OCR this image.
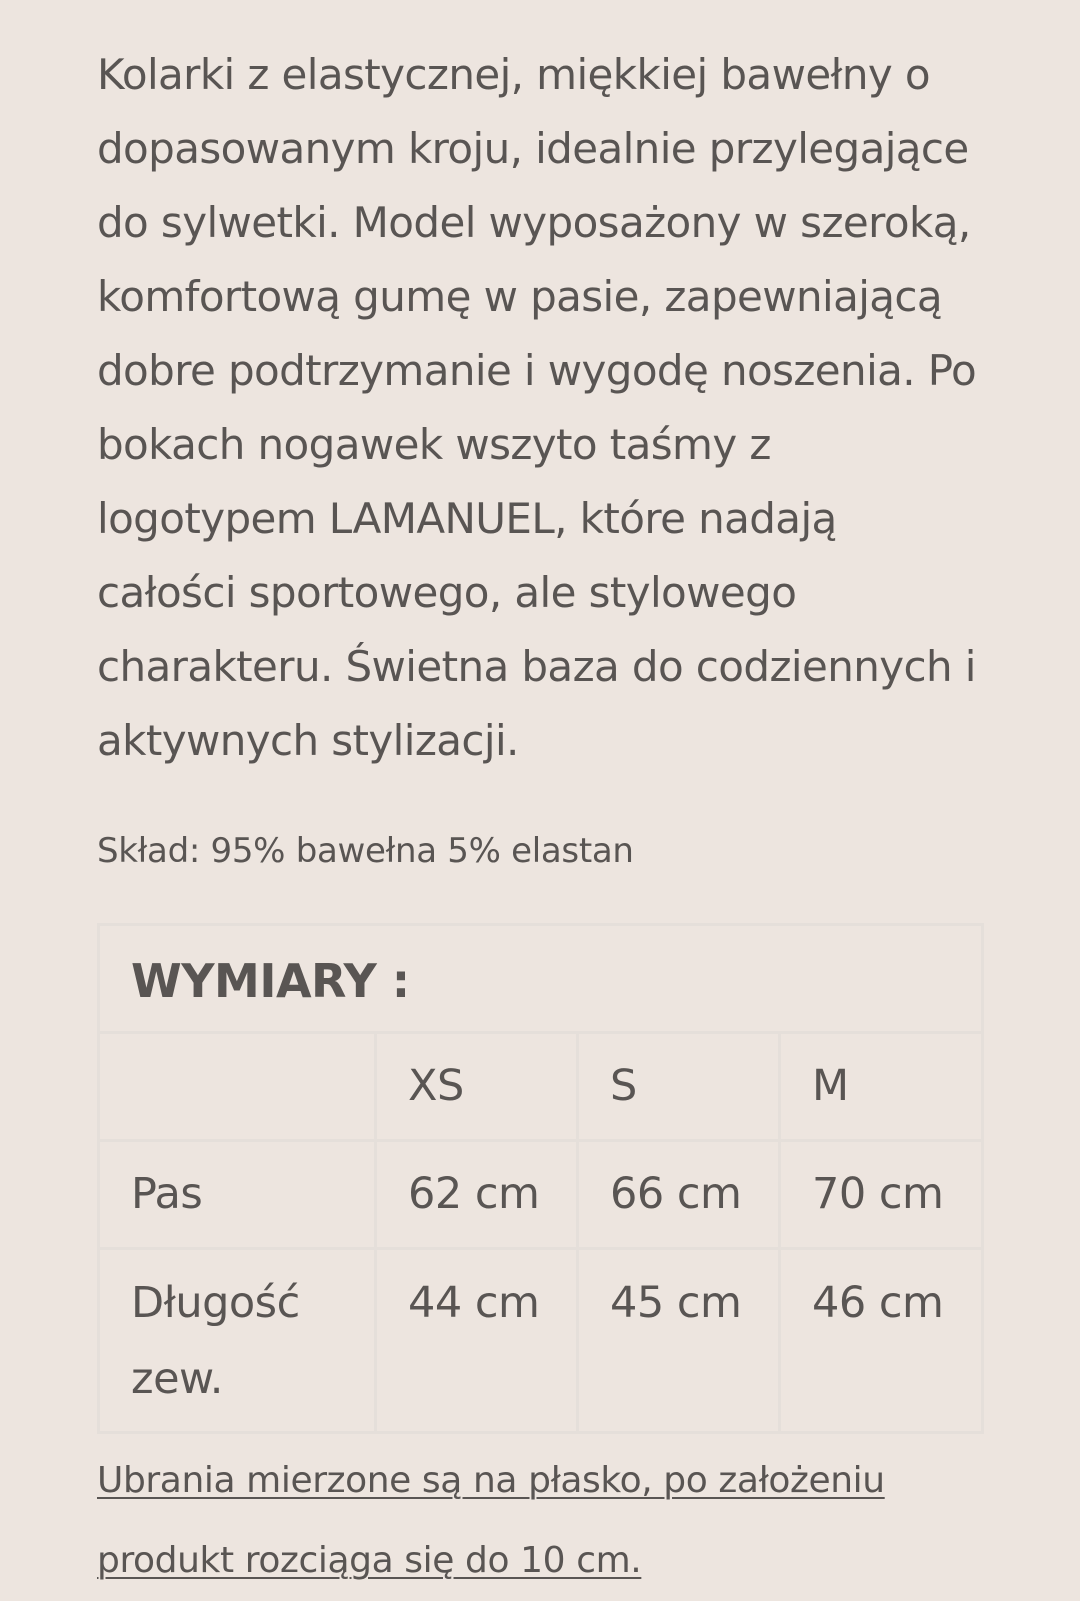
Kolarki z elastycznej, miękkiej bawełny o dopasowanym kroju, idealnie przylegające do sylwetki. Model wyposażony w szeroką, komfortową gumę w pasie, zapewniającą dobre podtrzymanie i wygodę noszenia. Po bokach nogawek wszyto taśmy z logotypem LAMANUEL, które nadają całości sportowego, ale stylowego charakteru. Świetna baza do codziennych i aktywnych stylizacji.

Skład: 95% bawełna 5% elastan

WYMIARY :			
	XS	S	M
Pas	62 cm	66 cm	70 cm
Długość zew.	44 cm	45 cm	46 cm

Ubrania mierzone są na płasko, po założeniu produkt rozciąga się do 10 cm.
